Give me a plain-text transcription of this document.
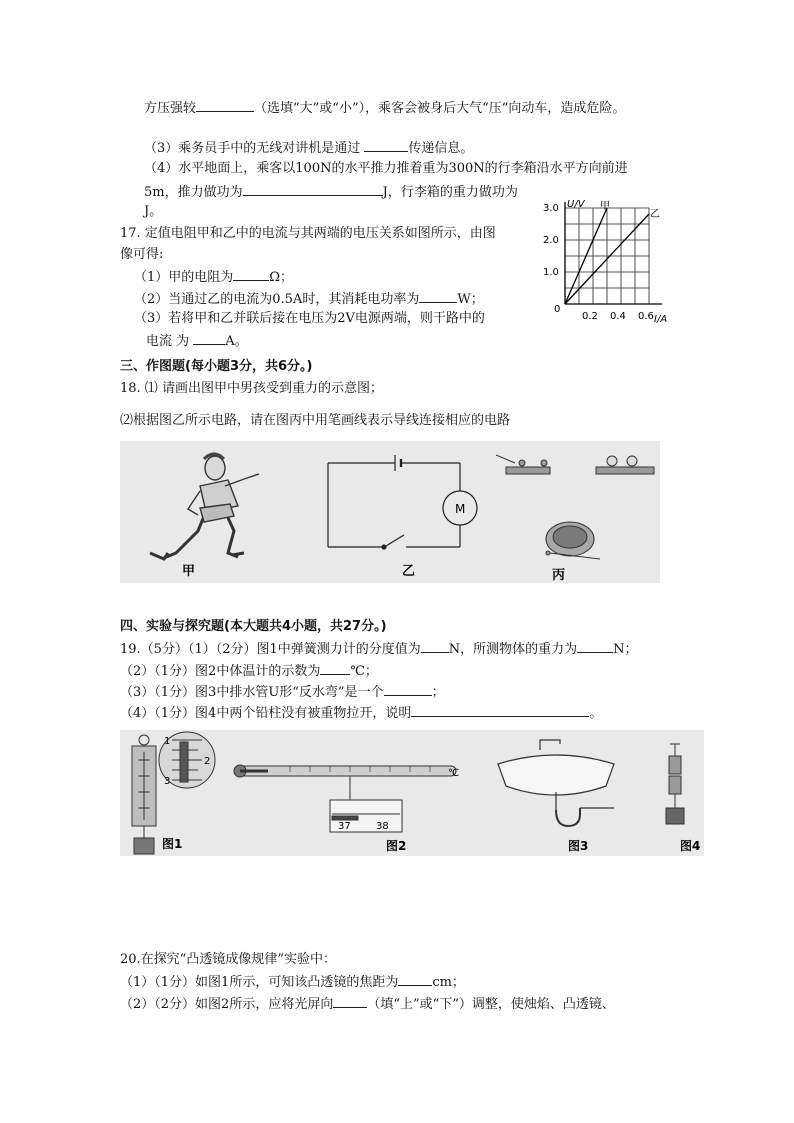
方压强较	（选填“大”或“小”），乘客会被身后大气“压”向动车，造成危险。
（3）乘务员手中的无线对讲机是通过	传递信息。
（4）水平地面上，乘客以100N的水平推力推着重为300N的行李箱沿水平方向前进
5m，推力做功为	J，行李箱的重力做功为
J。
17. 定值电阻甲和乙中的电流与其两端的电压关系如图所示，由图
像可得:
（1）甲的电阻为	Ω；
（2）当通过乙的电流为0.5A时，其消耗电功率为	W；
（3）若将甲和乙并联后接在电压为2V电源两端，则干路中的
电流 为 A。
U/V
I/A
0
1.0
2.0
3.0
0.2 0.4 0.6
甲
乙
三、作图题(每小题3分，共6分。)
18. ⑴ 请画出图甲中男孩受到重力的示意图；
⑵根据图乙所示电路，请在图丙中用笔画线表示导线连接相应的电路
甲
M
乙	丙
四、实验与探究题(本大题共4小题，共27分。)
19.（5分）（1）（2分）图1中弹簧测力计的分度值为 N，所测物体的重力为	N；
（2）（1分）图2中体温计的示数为 ℃；
（3）（1分）图3中排水管U形“反水弯”是一个	；
（4）（1分）图4中两个铅柱没有被重物拉开，说明	。
1
2
3
图1
℃
37	38
图2	图3	图4
20.在探究“凸透镜成像规律”实验中：
（1）（1分）如图1所示，可知该凸透镜的焦距为	cm；
（2）（2分）如图2所示，应将光屏向	（填“上”或“下”）调整，使烛焰、凸透镜、
